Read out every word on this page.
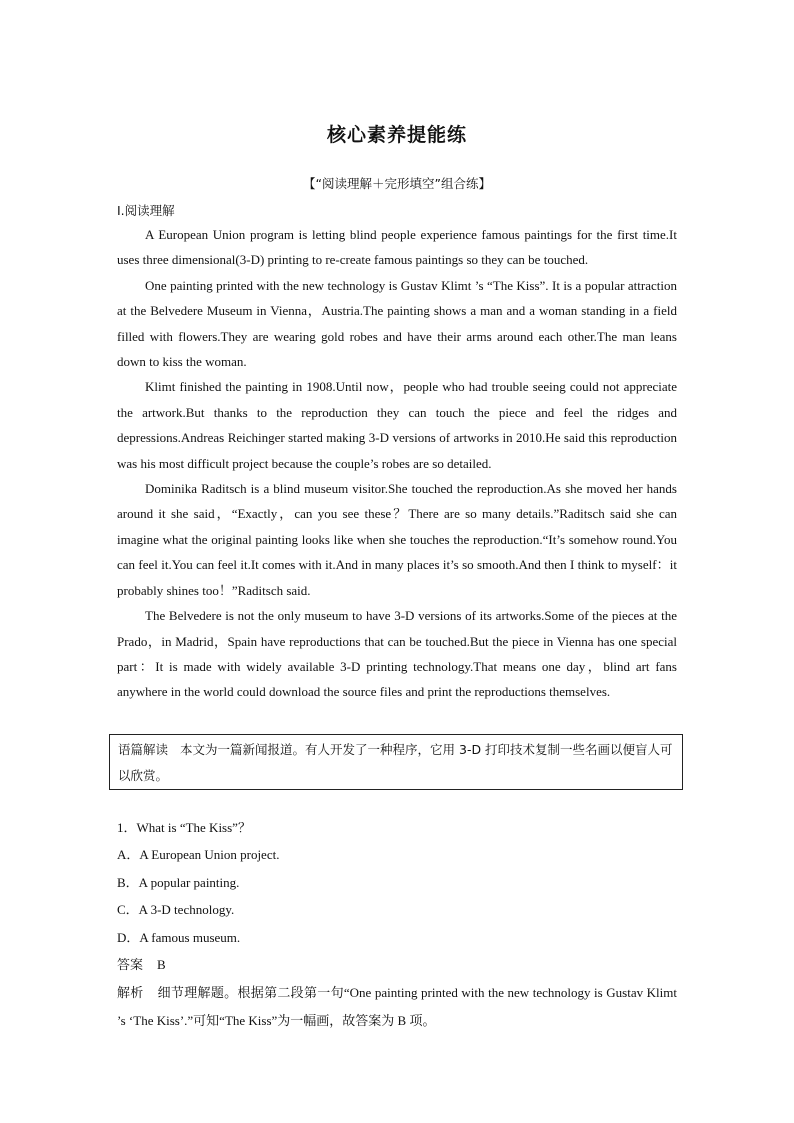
核心素养提能练
【“阅读理解＋完形填空”组合练】
Ⅰ.阅读理解

A European Union program is letting blind people experience famous paintings for the first time.It uses three dimensional(3-D) printing to re-create famous paintings so they can be touched.

One painting printed with the new technology is Gustav Klimt ’s “The Kiss”. It is a popular attraction at the Belvedere Museum in Vienna，Austria.The painting shows a man and a woman standing in a field filled with flowers.They are wearing gold robes and have their arms around each other.The man leans down to kiss the woman.

Klimt finished the painting in 1908.Until now，people who had trouble seeing could not appreciate the artwork.But thanks to the reproduction they can touch the piece and feel the ridges and depressions.Andreas Reichinger started making 3-D versions of artworks in 2010.He said this reproduction was his most difficult project because the couple’s robes are so detailed.

Dominika Raditsch is a blind museum visitor.She touched the reproduction.As she moved her hands around it she said，“Exactly，can you see these？There are so many details.”Raditsch said she can imagine what the original painting looks like when she touches the reproduction.“It’s somehow round.You can feel it.You can feel it.It comes with it.And in many places it’s so smooth.And then I think to myself：it probably shines too！”Raditsch said.

The Belvedere is not the only museum to have 3-D versions of its artworks.Some of the pieces at the Prado，in Madrid，Spain have reproductions that can be touched.But the piece in Vienna has one special part：It is made with widely available 3-D printing technology.That means one day，blind art fans anywhere in the world could download the source files and print the reproductions themselves.

语篇解读 本文为一篇新闻报道。有人开发了一种程序，它用 3-D 打印技术复制一些名画以便盲人可以欣赏。
1．What is “The Kiss”？
A．A European Union project.
B．A popular painting.
C．A 3-D technology.
D．A famous museum.
答案 B
解析 细节理解题。根据第二段第一句“One painting printed with the new technology is Gustav Klimt ’s ‘The Kiss’.”可知“The Kiss”为一幅画，故答案为 B 项。
